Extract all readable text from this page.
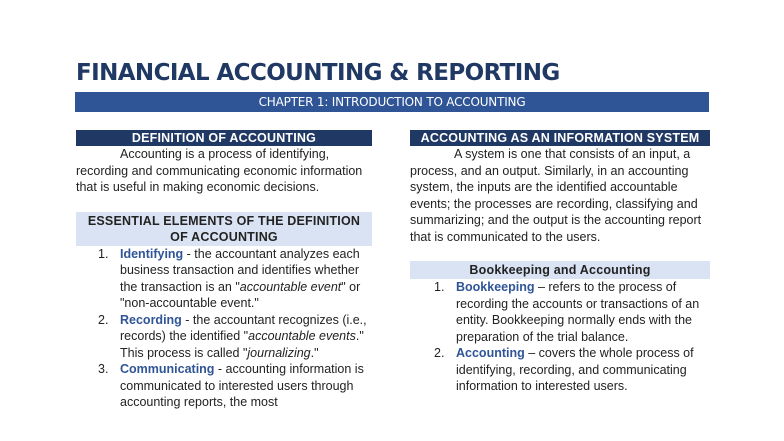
FINANCIAL ACCOUNTING & REPORTING
CHAPTER 1: INTRODUCTION TO ACCOUNTING
DEFINITION OF ACCOUNTING

Accounting is a process of identifying, recording and communicating economic information that is useful in making economic decisions.

ESSENTIAL ELEMENTS OF THE DEFINITION OF ACCOUNTING
1. Identifying - the accountant analyzes each business transaction and identifies whether the transaction is an "accountable event" or "non-accountable event."
2. Recording - the accountant recognizes (i.e., records) the identified "accountable events." This process is called "journalizing."
3. Communicating - accounting information is communicated to interested users through accounting reports, the most
ACCOUNTING AS AN INFORMATION SYSTEM

A system is one that consists of an input, a process, and an output. Similarly, in an accounting system, the inputs are the identified accountable events; the processes are recording, classifying and summarizing; and the output is the accounting report that is communicated to the users.

Bookkeeping and Accounting
1. Bookkeeping – refers to the process of recording the accounts or transactions of an entity. Bookkeeping normally ends with the preparation of the trial balance.
2. Accounting – covers the whole process of identifying, recording, and communicating information to interested users.
